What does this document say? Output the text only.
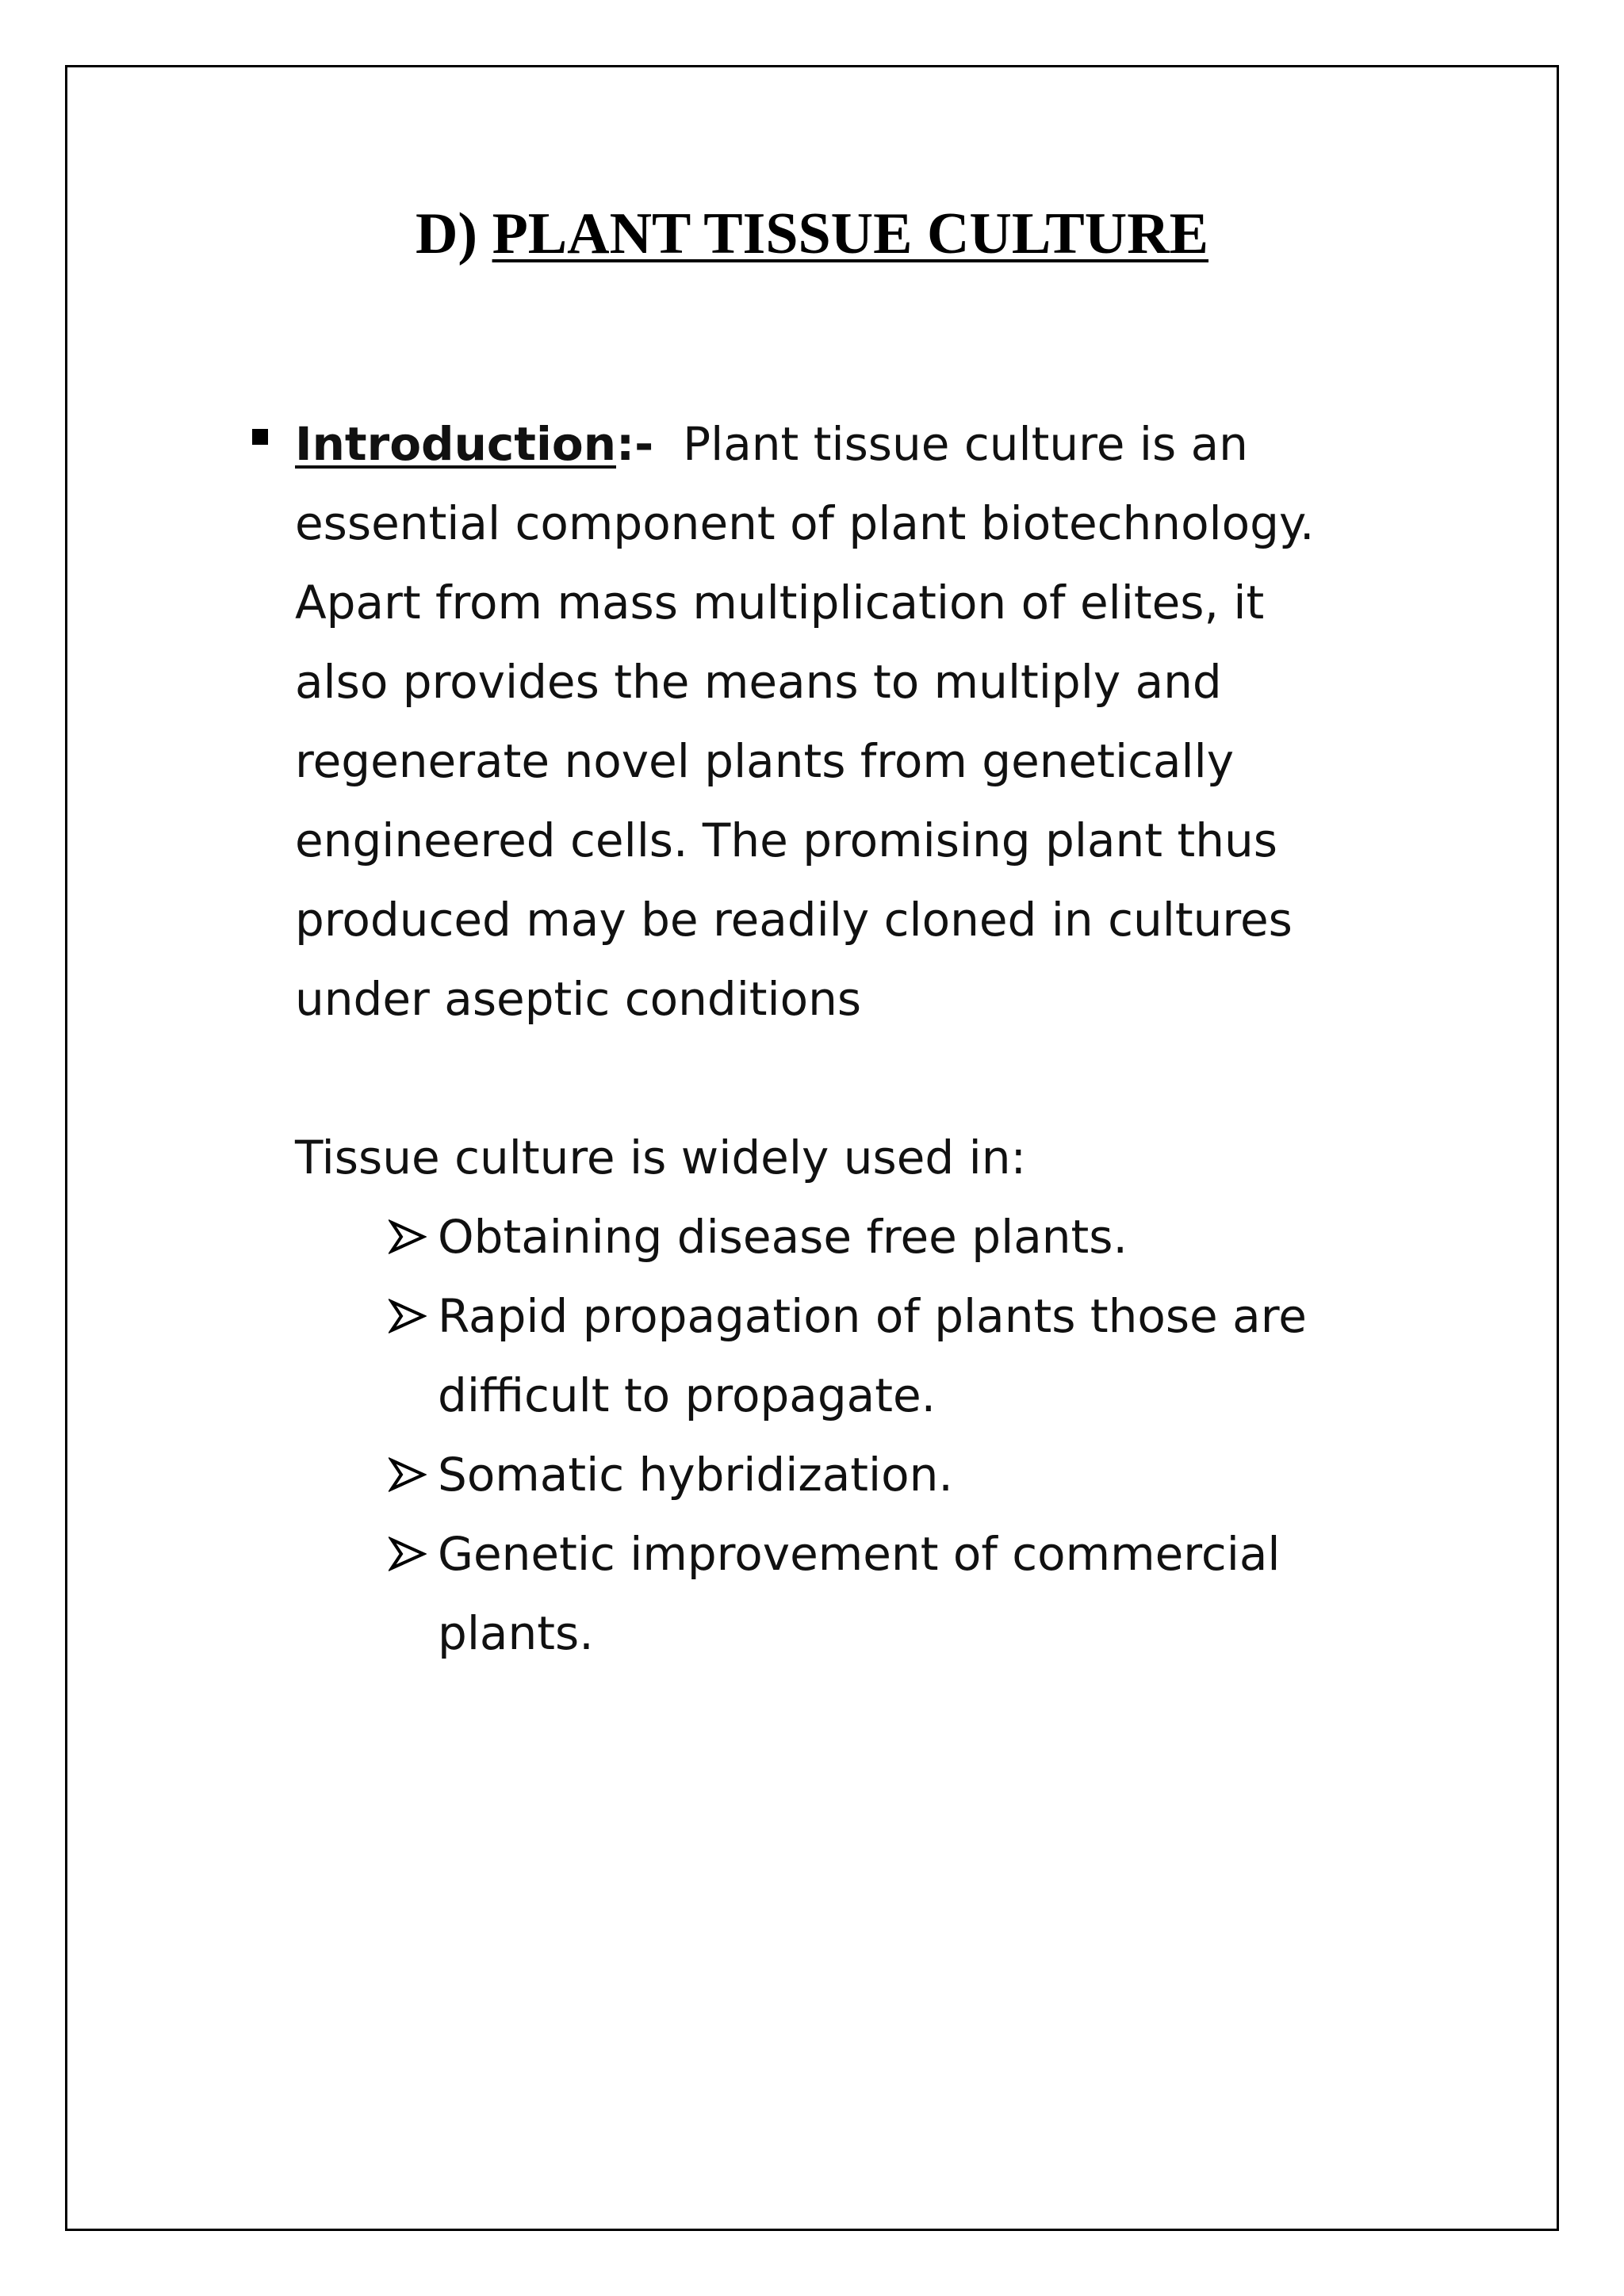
D) PLANT TISSUE CULTURE
Introduction:- Plant tissue culture is an
essential component of plant biotechnology.
Apart from mass multiplication of elites, it
also provides the means to multiply and
regenerate novel plants from genetically
engineered cells. The promising plant thus
produced may be readily cloned in cultures
under aseptic conditions
Tissue culture is widely used in:
Obtaining disease free plants.
Rapid propagation of plants those are
difficult to propagate.
Somatic hybridization.
Genetic improvement of commercial
plants.
